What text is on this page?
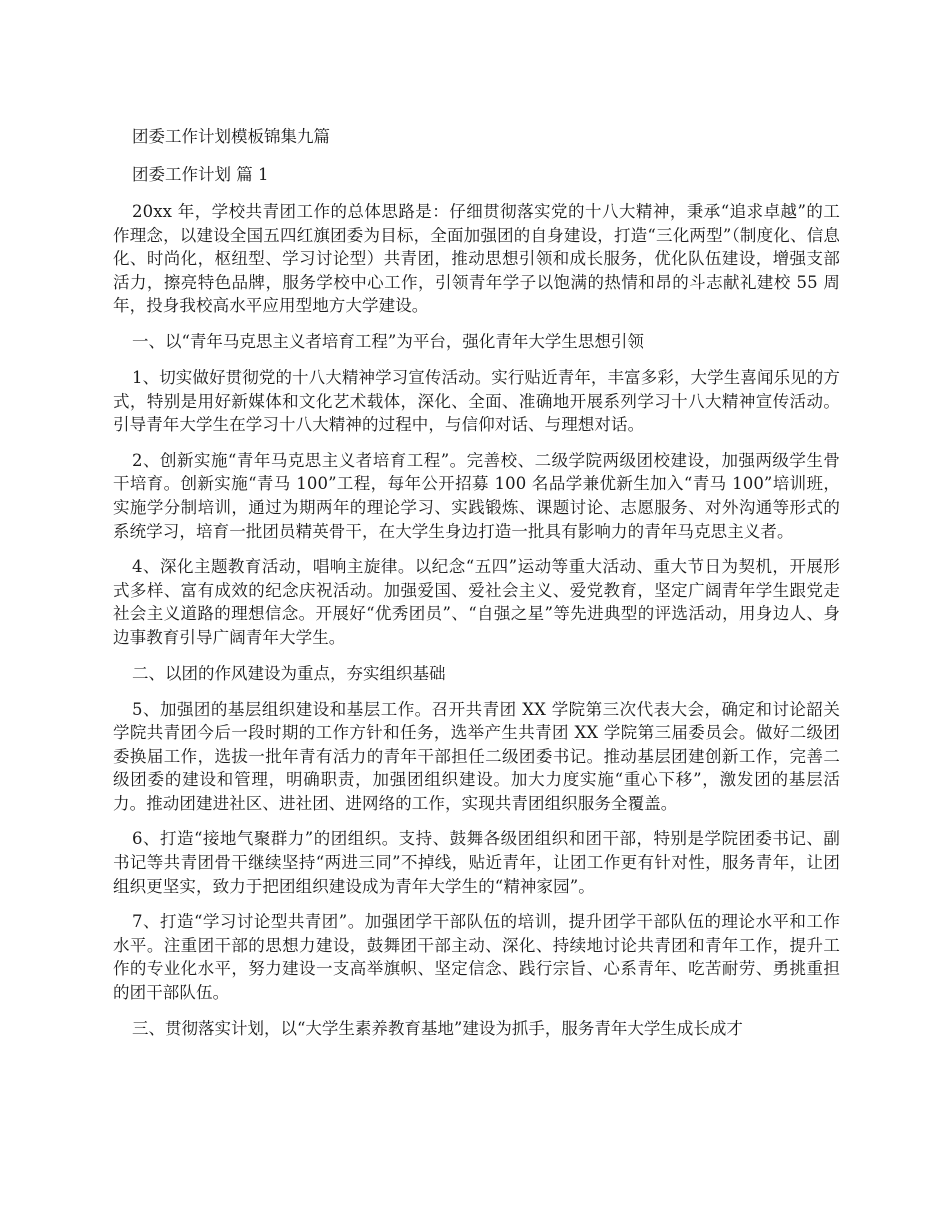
团委工作计划模板锦集九篇
团委工作计划 篇 1

20xx 年，学校共青团工作的总体思路是：仔细贯彻落实党的十八大精神，秉承“追求卓越”的工作理念，以建设全国五四红旗团委为目标，全面加强团的自身建设，打造“三化两型”（制度化、信息化、时尚化，枢纽型、学习讨论型）共青团，推动思想引领和成长服务，优化队伍建设，增强支部活力，擦亮特色品牌，服务学校中心工作，引领青年学子以饱满的热情和昂的斗志献礼建校 55 周年，投身我校高水平应用型地方大学建设。

一、以“青年马克思主义者培育工程”为平台，强化青年大学生思想引领

1、切实做好贯彻党的十八大精神学习宣传活动。实行贴近青年，丰富多彩，大学生喜闻乐见的方式，特别是用好新媒体和文化艺术载体，深化、全面、准确地开展系列学习十八大精神宣传活动。引导青年大学生在学习十八大精神的过程中，与信仰对话、与理想对话。

2、创新实施“青年马克思主义者培育工程”。完善校、二级学院两级团校建设，加强两级学生骨干培育。创新实施“青马 100”工程，每年公开招募 100 名品学兼优新生加入“青马 100”培训班，实施学分制培训，通过为期两年的理论学习、实践锻炼、课题讨论、志愿服务、对外沟通等形式的系统学习，培育一批团员精英骨干，在大学生身边打造一批具有影响力的青年马克思主义者。

4、深化主题教育活动，唱响主旋律。以纪念“五四”运动等重大活动、重大节日为契机，开展形式多样、富有成效的纪念庆祝活动。加强爱国、爱社会主义、爱党教育，坚定广阔青年学生跟党走社会主义道路的理想信念。开展好“优秀团员”、“自强之星”等先进典型的评选活动，用身边人、身边事教育引导广阔青年大学生。

二、以团的作风建设为重点，夯实组织基础

5、加强团的基层组织建设和基层工作。召开共青团 XX 学院第三次代表大会，确定和讨论韶关学院共青团今后一段时期的工作方针和任务，选举产生共青团 XX 学院第三届委员会。做好二级团委换届工作，选拔一批年青有活力的青年干部担任二级团委书记。推动基层团建创新工作，完善二级团委的建设和管理，明确职责，加强团组织建设。加大力度实施“重心下移”，激发团的基层活力。推动团建进社区、进社团、进网络的工作，实现共青团组织服务全覆盖。

6、打造“接地气聚群力”的团组织。支持、鼓舞各级团组织和团干部，特别是学院团委书记、副书记等共青团骨干继续坚持“两进三同”不掉线，贴近青年，让团工作更有针对性，服务青年，让团组织更坚实，致力于把团组织建设成为青年大学生的“精神家园”。

7、打造“学习讨论型共青团”。加强团学干部队伍的培训，提升团学干部队伍的理论水平和工作水平。注重团干部的思想力建设，鼓舞团干部主动、深化、持续地讨论共青团和青年工作，提升工作的专业化水平，努力建设一支高举旗帜、坚定信念、践行宗旨、心系青年、吃苦耐劳、勇挑重担的团干部队伍。

三、贯彻落实计划，以“大学生素养教育基地”建设为抓手，服务青年大学生成长成才
